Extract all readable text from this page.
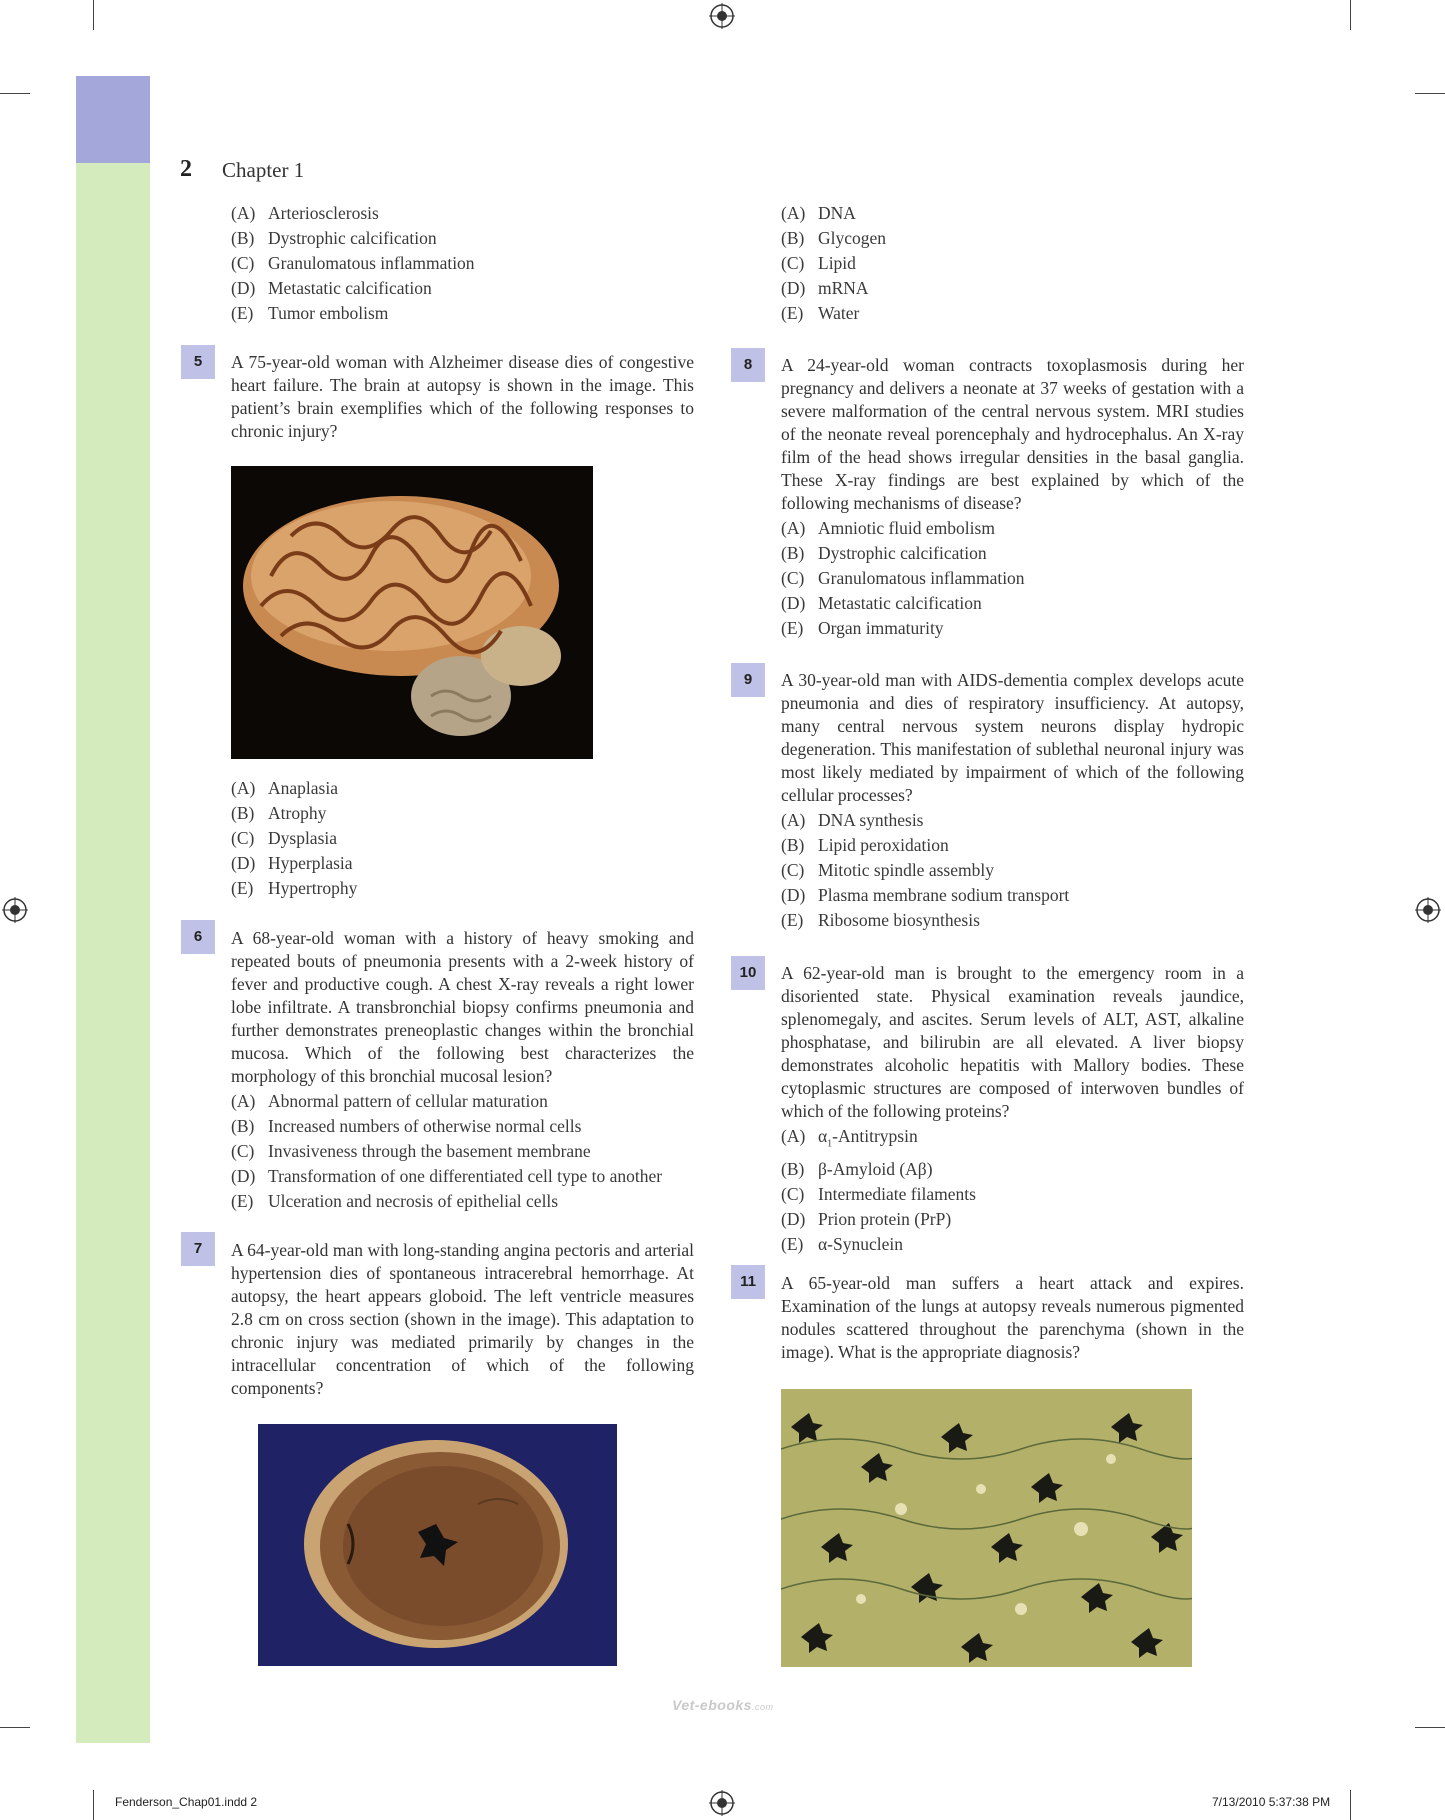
2 Chapter 1
(A) Arteriosclerosis
(B) Dystrophic calcification
(C) Granulomatous inflammation
(D) Metastatic calcification
(E) Tumor embolism
5	A 75-year-old woman with Alzheimer disease dies of congestive heart failure. The brain at autopsy is shown in the image. This patient’s brain exemplifies which of the following responses to chronic injury?

(A) Anaplasia
(B) Atrophy
(C) Dysplasia
(D) Hyperplasia
(E) Hypertrophy
6	A 68-year-old woman with a history of heavy smoking and repeated bouts of pneumonia presents with a 2-week history of fever and productive cough. A chest X-ray reveals a right lower lobe infiltrate. A transbronchial biopsy confirms pneumonia and further demonstrates preneoplastic changes within the bronchial mucosa. Which of the following best characterizes the morphology of this bronchial mucosal lesion?

(A) Abnormal pattern of cellular maturation
(B) Increased numbers of otherwise normal cells
(C) Invasiveness through the basement membrane
(D) Transformation of one differentiated cell type to another
(E) Ulceration and necrosis of epithelial cells
7	A 64-year-old man with long-standing angina pectoris and arterial hypertension dies of spontaneous intracerebral hemorrhage. At autopsy, the heart appears globoid. The left ventricle measures 2.8 cm on cross section (shown in the image). This adaptation to chronic injury was mediated primarily by changes in the intracellular concentration of which of the following components?

(A) DNA
(B) Glycogen
(C) Lipid
(D) mRNA
(E) Water
8	A 24-year-old woman contracts toxoplasmosis during her pregnancy and delivers a neonate at 37 weeks of gestation with a severe malformation of the central nervous system. MRI studies of the neonate reveal porencephaly and hydrocephalus. An X-ray film of the head shows irregular densities in the basal ganglia. These X-ray findings are best explained by which of the following mechanisms of disease?

(A) Amniotic fluid embolism
(B) Dystrophic calcification
(C) Granulomatous inflammation
(D) Metastatic calcification
(E) Organ immaturity
9	A 30-year-old man with AIDS-dementia complex develops acute pneumonia and dies of respiratory insufficiency. At autopsy, many central nervous system neurons display hydropic degeneration. This manifestation of sublethal neuronal injury was most likely mediated by impairment of which of the following cellular processes?

(A) DNA synthesis
(B) Lipid peroxidation
(C) Mitotic spindle assembly
(D) Plasma membrane sodium transport
(E) Ribosome biosynthesis
10	A 62-year-old man is brought to the emergency room in a disoriented state. Physical examination reveals jaundice, splenomegaly, and ascites. Serum levels of ALT, AST, alkaline phosphatase, and bilirubin are all elevated. A liver biopsy demonstrates alcoholic hepatitis with Mallory bodies. These cytoplasmic structures are composed of interwoven bundles of which of the following proteins?

(A) $\alpha_1$-Antitrypsin
(B) β-Amyloid (Aβ)
(C) Intermediate filaments
(D) Prion protein (PrP)
(E) α-Synuclein
11	A 65-year-old man suffers a heart attack and expires. Examination of the lungs at autopsy reveals numerous pigmented nodules scattered throughout the parenchyma (shown in the image). What is the appropriate diagnosis?

Vet-ebooks.com
Fenderson_Chap01.indd 2	7/13/2010 5:37:38 PM
